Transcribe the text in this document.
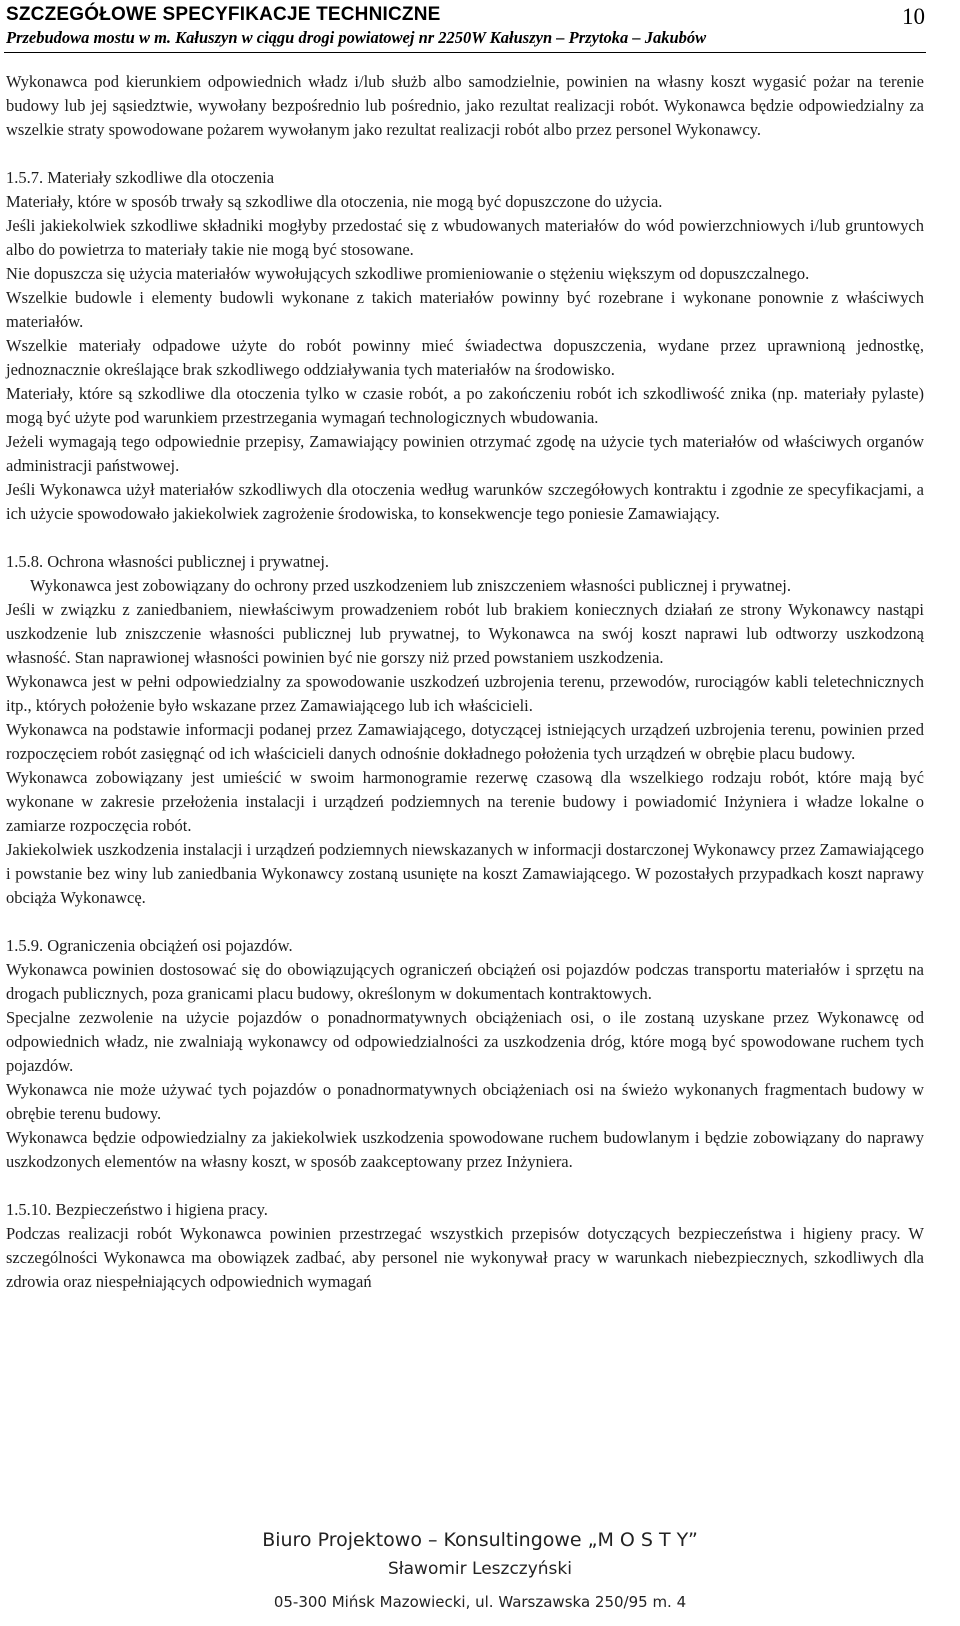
SZCZEGÓŁOWE SPECYFIKACJE TECHNICZNE
Przebudowa mostu w m. Kałuszyn w ciągu drogi powiatowej nr 2250W Kałuszyn – Przytoka – Jakubów
10

Wykonawca pod kierunkiem odpowiednich władz i/lub służb albo samodzielnie, powinien na własny koszt wygasić pożar na terenie budowy lub jej sąsiedztwie, wywołany bezpośrednio lub pośrednio, jako rezultat realizacji robót. Wykonawca będzie odpowiedzialny za wszelkie straty spowodowane pożarem wywołanym jako rezultat realizacji robót albo przez personel Wykonawcy.

1.5.7. Materiały szkodliwe dla otoczenia

Materiały, które w sposób trwały są szkodliwe dla otoczenia, nie mogą być dopuszczone do użycia.

Jeśli jakiekolwiek szkodliwe składniki mogłyby przedostać się z wbudowanych materiałów do wód powierzchniowych i/lub gruntowych albo do powietrza to materiały takie nie mogą być stosowane.

Nie dopuszcza się użycia materiałów wywołujących szkodliwe promieniowanie o stężeniu większym od dopuszczalnego.

Wszelkie budowle i elementy budowli wykonane z takich materiałów powinny być rozebrane i wykonane ponownie z właściwych materiałów.

Wszelkie materiały odpadowe użyte do robót powinny mieć świadectwa dopuszczenia, wydane przez uprawnioną jednostkę, jednoznacznie określające brak szkodliwego oddziaływania tych materiałów na środowisko.

Materiały, które są szkodliwe dla otoczenia tylko w czasie robót, a po zakończeniu robót ich szkodliwość znika (np. materiały pylaste) mogą być użyte pod warunkiem przestrzegania wymagań technologicznych wbudowania.

Jeżeli wymagają tego odpowiednie przepisy, Zamawiający powinien otrzymać zgodę na użycie tych materiałów od właściwych organów administracji państwowej.

Jeśli Wykonawca użył materiałów szkodliwych dla otoczenia według warunków szczegółowych kontraktu i zgodnie ze specyfikacjami, a ich użycie spowodowało jakiekolwiek zagrożenie środowiska, to konsekwencje tego poniesie Zamawiający.

1.5.8. Ochrona własności publicznej i prywatnej.

Wykonawca jest zobowiązany do ochrony przed uszkodzeniem lub zniszczeniem własności publicznej i prywatnej.

Jeśli w związku z zaniedbaniem, niewłaściwym prowadzeniem robót lub brakiem koniecznych działań ze strony Wykonawcy nastąpi uszkodzenie lub zniszczenie własności publicznej lub prywatnej, to Wykonawca na swój koszt naprawi lub odtworzy uszkodzoną własność. Stan naprawionej własności powinien być nie gorszy niż przed powstaniem uszkodzenia.

Wykonawca jest w pełni odpowiedzialny za spowodowanie uszkodzeń uzbrojenia terenu, przewodów, rurociągów kabli teletechnicznych itp., których położenie było wskazane przez Zamawiającego lub ich właścicieli.

Wykonawca na podstawie informacji podanej przez Zamawiającego, dotyczącej istniejących urządzeń uzbrojenia terenu, powinien przed rozpoczęciem robót zasięgnąć od ich właścicieli danych odnośnie dokładnego położenia tych urządzeń w obrębie placu budowy.

Wykonawca zobowiązany jest umieścić w swoim harmonogramie rezerwę czasową dla wszelkiego rodzaju robót, które mają być wykonane w zakresie przełożenia instalacji i urządzeń podziemnych na terenie budowy i powiadomić Inżyniera i władze lokalne o zamiarze rozpoczęcia robót.

Jakiekolwiek uszkodzenia instalacji i urządzeń podziemnych niewskazanych w informacji dostarczonej Wykonawcy przez Zamawiającego i powstanie bez winy lub zaniedbania Wykonawcy zostaną usunięte na koszt Zamawiającego. W pozostałych przypadkach koszt naprawy obciąża Wykonawcę.

1.5.9. Ograniczenia obciążeń osi pojazdów.

Wykonawca powinien dostosować się do obowiązujących ograniczeń obciążeń osi pojazdów podczas transportu materiałów i sprzętu na drogach publicznych, poza granicami placu budowy, określonym w dokumentach kontraktowych.

Specjalne zezwolenie na użycie pojazdów o ponadnormatywnych obciążeniach osi, o ile zostaną uzyskane przez Wykonawcę od odpowiednich władz, nie zwalniają wykonawcy od odpowiedzialności za uszkodzenia dróg, które mogą być spowodowane ruchem tych pojazdów.

Wykonawca nie może używać tych pojazdów o ponadnormatywnych obciążeniach osi na świeżo wykonanych fragmentach budowy w obrębie terenu budowy.

Wykonawca będzie odpowiedzialny za jakiekolwiek uszkodzenia spowodowane ruchem budowlanym i będzie zobowiązany do naprawy uszkodzonych elementów na własny koszt, w sposób zaakceptowany przez Inżyniera.

1.5.10. Bezpieczeństwo i higiena pracy.

Podczas realizacji robót Wykonawca powinien przestrzegać wszystkich przepisów dotyczących bezpieczeństwa i higieny pracy. W szczególności Wykonawca ma obowiązek zadbać, aby personel nie wykonywał pracy w warunkach niebezpiecznych, szkodliwych dla zdrowia oraz niespełniających odpowiednich wymagań

Biuro Projektowo – Konsultingowe „M O S T Y”
Sławomir Leszczyński
05-300 Mińsk Mazowiecki, ul. Warszawska 250/95 m. 4
